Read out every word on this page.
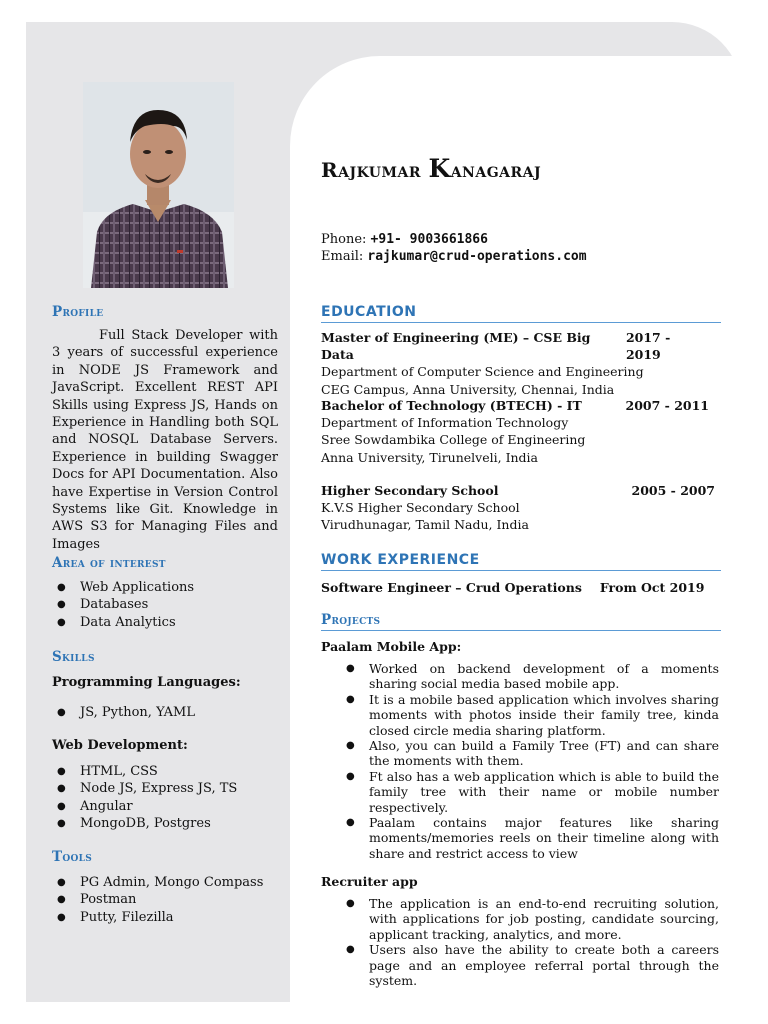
Profile

Full Stack Developer with 3 years of successful experience in NODE JS Framework and JavaScript. Excellent REST API Skills using Express JS, Hands on Experience in Handling both SQL and NOSQL Database Servers. Experience in building Swagger Docs for API Documentation. Also have Expertise in Version Control Systems like Git. Knowledge in AWS S3 for Managing Files and Images

Area of interest
● Web Applications
● Databases
● Data Analytics
Skills
Programming Languages:
● JS, Python, YAML
Web Development:
● HTML, CSS
● Node JS, Express JS, TS
● Angular
● MongoDB, Postgres
Tools
● PG Admin, Mongo Compass
● Postman
● Putty, Filezilla
Rajkumar Kanagaraj
Phone: +91- 9003661866
Email: rajkumar@crud-operations.com
EDUCATION
Master of Engineering (ME) – CSE Big Data
2017 - 2019
Department of Computer Science and Engineering
CEG Campus, Anna University, Chennai, India
Bachelor of Technology (BTECH) - IT	2007 - 2011
Department of Information Technology
Sree Sowdambika College of Engineering
Anna University, Tirunelveli, India
Higher Secondary School	2005 - 2007
K.V.S Higher Secondary School
Virudhunagar, Tamil Nadu, India
WORK EXPERIENCE
Software Engineer – Crud Operations From Oct 2019
Projects
Paalam Mobile App:
● Worked on backend development of a moments sharing social media based mobile app.
● It is a mobile based application which involves sharing moments with photos inside their family tree, kinda closed circle media sharing platform.
● Also, you can build a Family Tree (FT) and can share the moments with them.
● Ft also has a web application which is able to build the family tree with their name or mobile number respectively.
● Paalam contains major features like sharing moments/memories reels on their timeline along with share and restrict access to view
Recruiter app
● The application is an end-to-end recruiting solution, with applications for job posting, candidate sourcing, applicant tracking, analytics, and more.
● Users also have the ability to create both a careers page and an employee referral portal through the system.
